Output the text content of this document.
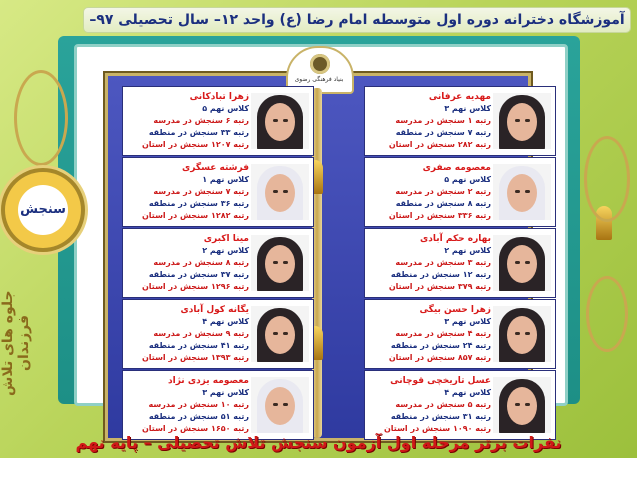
آموزشگاه دخترانه دوره اول متوسطه امام رضا (ع) واحد ۱۲– سال تحصیلی ۹۷–
بنیاد فرهنگی رضوی
سنجش
جلوه های تلاش فرزندان
مهدیه عرفانی
کلاس نهم ۳
رتبه ۱ سنجش در مدرسه
رتبه ۷ سنجش در منطقه
رتبه ۲۸۲ سنجش در استان
معصومه صفری
کلاس نهم ۵
رتبه ۲ سنجش در مدرسه
رتبه ۸ سنجش در منطقه
رتبه ۳۳۶ سنجش در استان
بهاره حکم آبادی
کلاس نهم ۲
رتبه ۳ سنجش در مدرسه
رتبه ۱۲ سنجش در منطقه
رتبه ۳۷۹ سنجش در استان
زهرا حسن بیگی
کلاس نهم ۳
رتبه ۴ سنجش در مدرسه
رتبه ۲۴ سنجش در منطقه
رتبه ۸۵۷ سنجش در استان
عسل تاریخچی قوچانی
کلاس نهم ۴
رتبه ۵ سنجش در مدرسه
رتبه ۳۱ سنجش در منطقه
رتبه ۱۰۹۰ سنجش در استان
زهرا تبادکانی
کلاس نهم ۵
رتبه ۶ سنجش در مدرسه
رتبه ۳۳ سنجش در منطقه
رتبه ۱۲۰۷ سنجش در استان
فرشته عسگری
کلاس نهم ۱
رتبه ۷ سنجش در مدرسه
رتبه ۳۶ سنجش در منطقه
رتبه ۱۲۸۲ سنجش در استان
مینا اکبری
کلاس نهم ۲
رتبه ۸ سنجش در مدرسه
رتبه ۳۷ سنجش در منطقه
رتبه ۱۲۹۶ سنجش در استان
یگانه کول آبادی
کلاس نهم ۴
رتبه ۹ سنجش در مدرسه
رتبه ۴۱ سنجش در منطقه
رتبه ۱۳۹۳ سنجش در استان
معصومه یزدی نژاد
کلاس نهم ۳
رتبه ۱۰ سنجش در مدرسه
رتبه ۵۱ سنجش در منطقه
رتبه ۱۶۵۰ سنجش در استان
نفرات برتر مرحله اول آزمون سنجش تلاش تحصیلی – پایه نهم
